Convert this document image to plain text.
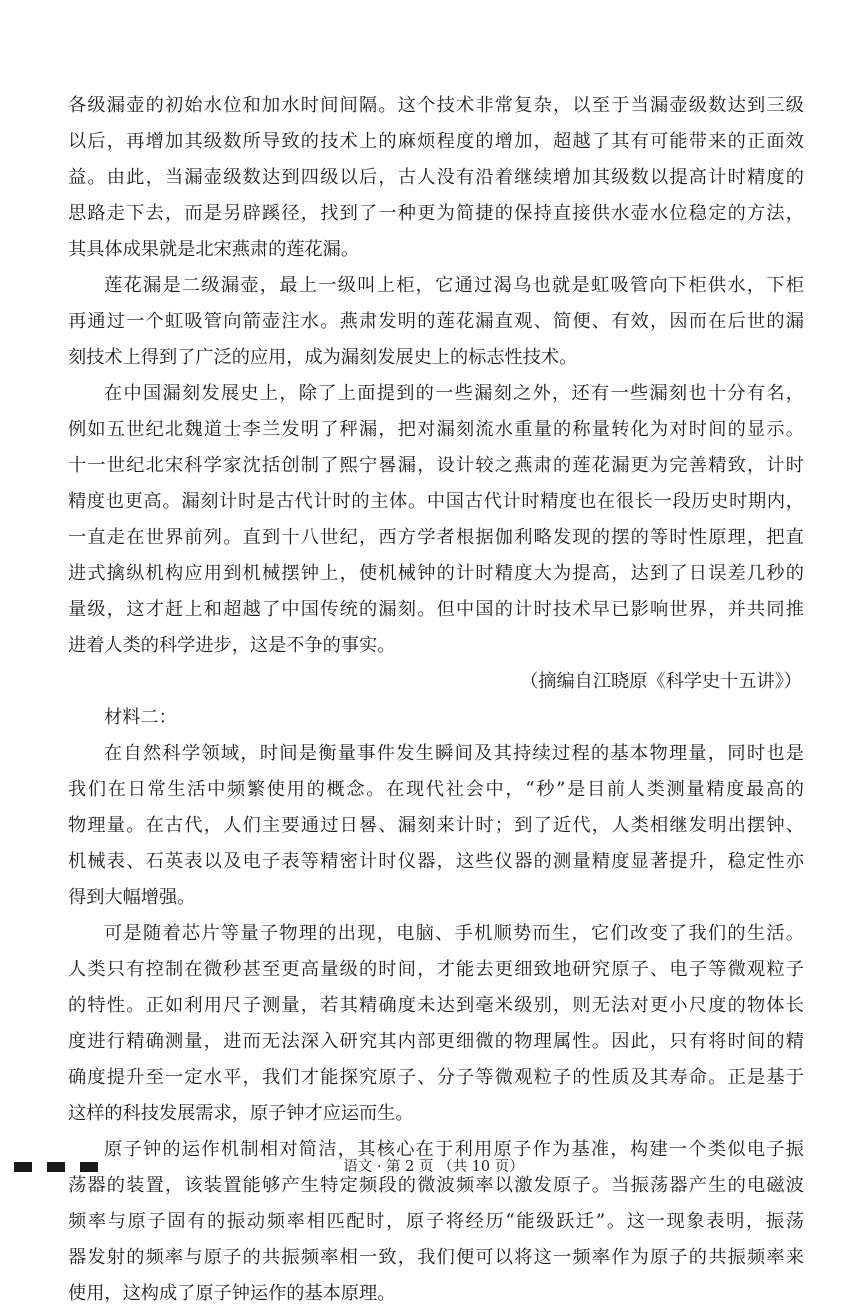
各级漏壶的初始水位和加水时间间隔。这个技术非常复杂，以至于当漏壶级数达到三级
以后，再增加其级数所导致的技术上的麻烦程度的增加，超越了其有可能带来的正面效
益。由此，当漏壶级数达到四级以后，古人没有沿着继续增加其级数以提高计时精度的
思路走下去，而是另辟蹊径，找到了一种更为简捷的保持直接供水壶水位稳定的方法，
其具体成果就是北宋燕肃的莲花漏。
莲花漏是二级漏壶，最上一级叫上柜，它通过渴乌也就是虹吸管向下柜供水，下柜
再通过一个虹吸管向箭壶注水。燕肃发明的莲花漏直观、简便、有效，因而在后世的漏
刻技术上得到了广泛的应用，成为漏刻发展史上的标志性技术。
在中国漏刻发展史上，除了上面提到的一些漏刻之外，还有一些漏刻也十分有名，
例如五世纪北魏道士李兰发明了秤漏，把对漏刻流水重量的称量转化为对时间的显示。
十一世纪北宋科学家沈括创制了熙宁晷漏，设计较之燕肃的莲花漏更为完善精致，计时
精度也更高。漏刻计时是古代计时的主体。中国古代计时精度也在很长一段历史时期内，
一直走在世界前列。直到十八世纪，西方学者根据伽利略发现的摆的等时性原理，把直
进式擒纵机构应用到机械摆钟上，使机械钟的计时精度大为提高，达到了日误差几秒的
量级，这才赶上和超越了中国传统的漏刻。但中国的计时技术早已影响世界，并共同推
进着人类的科学进步，这是不争的事实。
（摘编自江晓原《科学史十五讲》）
材料二：
在自然科学领域，时间是衡量事件发生瞬间及其持续过程的基本物理量，同时也是
我们在日常生活中频繁使用的概念。在现代社会中，“秒”是目前人类测量精度最高的
物理量。在古代，人们主要通过日晷、漏刻来计时；到了近代，人类相继发明出摆钟、
机械表、石英表以及电子表等精密计时仪器，这些仪器的测量精度显著提升，稳定性亦
得到大幅增强。
可是随着芯片等量子物理的出现，电脑、手机顺势而生，它们改变了我们的生活。
人类只有控制在微秒甚至更高量级的时间，才能去更细致地研究原子、电子等微观粒子
的特性。正如利用尺子测量，若其精确度未达到毫米级别，则无法对更小尺度的物体长
度进行精确测量，进而无法深入研究其内部更细微的物理属性。因此，只有将时间的精
确度提升至一定水平，我们才能探究原子、分子等微观粒子的性质及其寿命。正是基于
这样的科技发展需求，原子钟才应运而生。
原子钟的运作机制相对简洁，其核心在于利用原子作为基准，构建一个类似电子振
荡器的装置，该装置能够产生特定频段的微波频率以激发原子。当振荡器产生的电磁波
频率与原子固有的振动频率相匹配时，原子将经历“能级跃迁”。这一现象表明，振荡
器发射的频率与原子的共振频率相一致，我们便可以将这一频率作为原子的共振频率来
使用，这构成了原子钟运作的基本原理。
语文 · 第 2 页 （共 10 页）
